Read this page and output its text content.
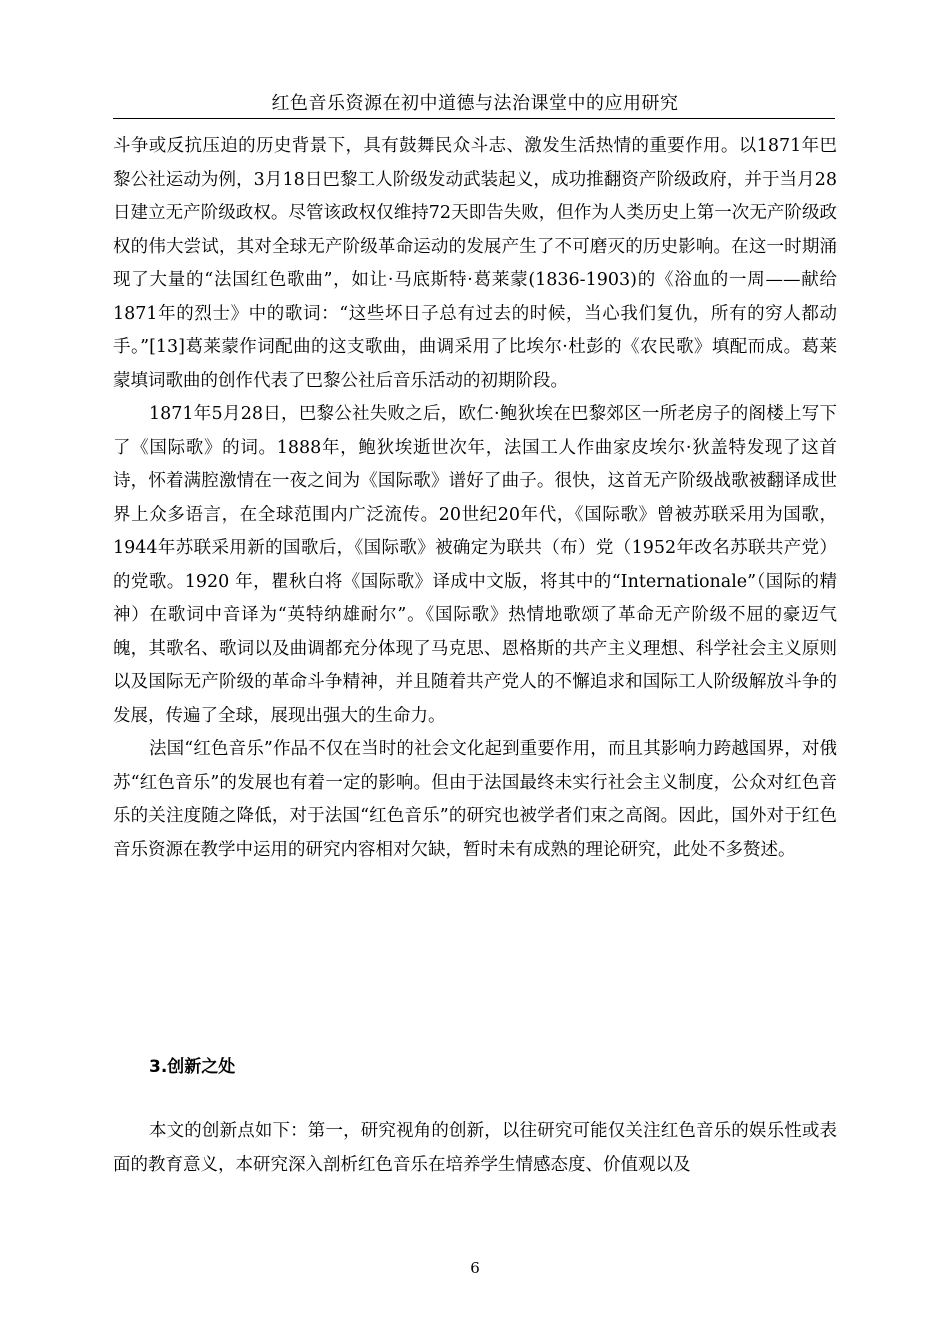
红色音乐资源在初中道德与法治课堂中的应用研究

斗争或反抗压迫的历史背景下，具有鼓舞民众斗志、激发生活热情的重要作用。以1871年巴黎公社运动为例，3月18日巴黎工人阶级发动武装起义，成功推翻资产阶级政府，并于当月28日建立无产阶级政权。尽管该政权仅维持72天即告失败，但作为人类历史上第一次无产阶级政权的伟大尝试，其对全球无产阶级革命运动的发展产生了不可磨灭的历史影响。在这一时期涌现了大量的“法国红色歌曲”，如让·马底斯特·葛莱蒙(1836-1903)的《浴血的一周——献给1871年的烈士》中的歌词：“这些坏日子总有过去的时候，当心我们复仇，所有的穷人都动手。”[13]葛莱蒙作词配曲的这支歌曲，曲调采用了比埃尔·杜彭的《农民歌》填配而成。葛莱蒙填词歌曲的创作代表了巴黎公社后音乐活动的初期阶段。

1871年5月28日，巴黎公社失败之后，欧仁·鲍狄埃在巴黎郊区一所老房子的阁楼上写下了《国际歌》的词。1888年，鲍狄埃逝世次年，法国工人作曲家皮埃尔·狄盖特发现了这首诗，怀着满腔激情在一夜之间为《国际歌》谱好了曲子。很快，这首无产阶级战歌被翻译成世界上众多语言，在全球范围内广泛流传。20世纪20年代，《国际歌》曾被苏联采用为国歌，1944年苏联采用新的国歌后，《国际歌》被确定为联共（布）党（1952年改名苏联共产党）的党歌。1920 年，瞿秋白将《国际歌》译成中文版，将其中的“Internationale”（国际的精神）在歌词中音译为“英特纳雄耐尔”。《国际歌》热情地歌颂了革命无产阶级不屈的豪迈气魄，其歌名、歌词以及曲调都充分体现了马克思、恩格斯的共产主义理想、科学社会主义原则以及国际无产阶级的革命斗争精神，并且随着共产党人的不懈追求和国际工人阶级解放斗争的发展，传遍了全球，展现出强大的生命力。

法国“红色音乐”作品不仅在当时的社会文化起到重要作用，而且其影响力跨越国界，对俄苏“红色音乐”的发展也有着一定的影响。但由于法国最终未实行社会主义制度，公众对红色音乐的关注度随之降低，对于法国“红色音乐”的研究也被学者们束之高阁。因此，国外对于红色音乐资源在教学中运用的研究内容相对欠缺，暂时未有成熟的理论研究，此处不多赘述。

3.创新之处

本文的创新点如下：第一，研究视角的创新，以往研究可能仅关注红色音乐的娱乐性或表面的教育意义，本研究深入剖析红色音乐在培养学生情感态度、价值观以及

6
